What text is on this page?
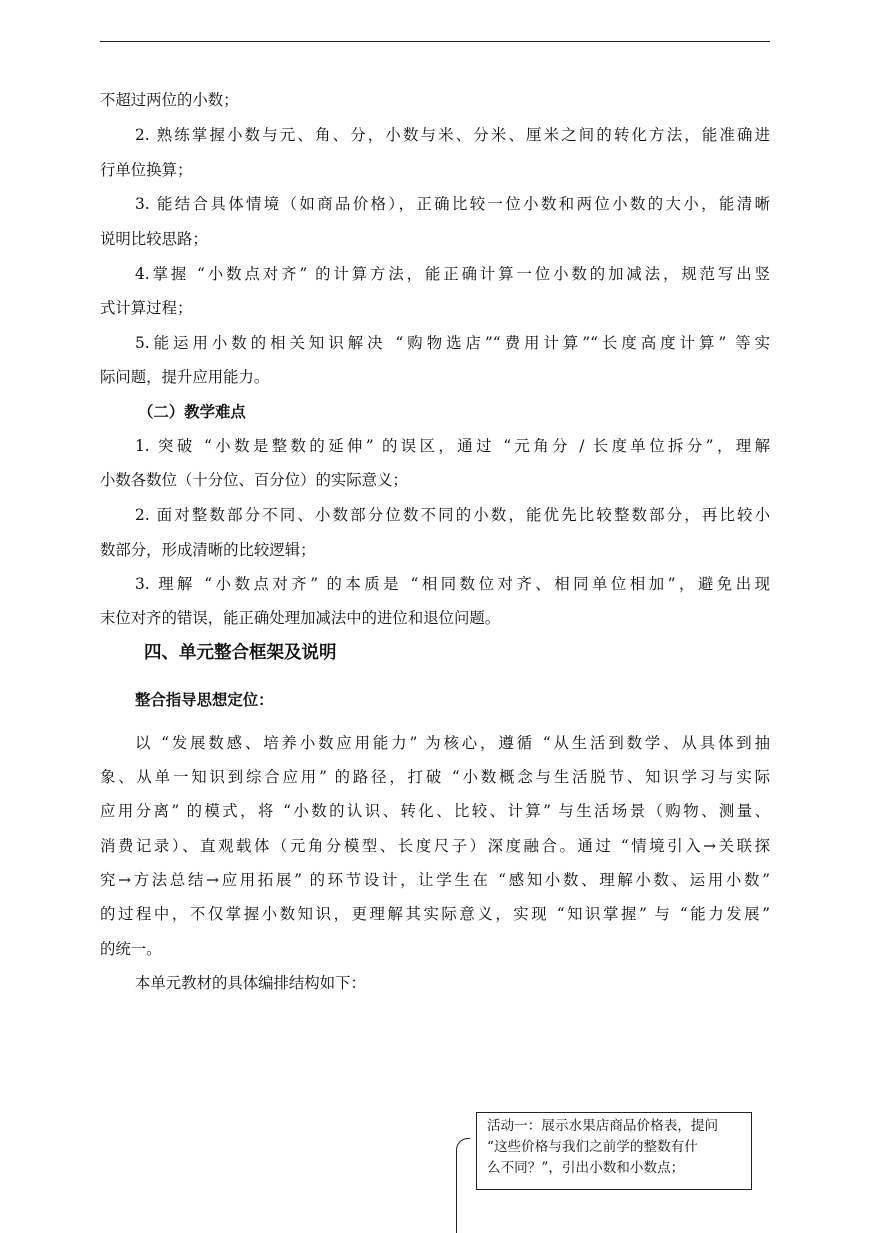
不超过两位的小数；
2. 熟练掌握小数与元、角、分，小数与米、分米、厘米之间的转化方法，能准确进
行单位换算；
3. 能结合具体情境（如商品价格），正确比较一位小数和两位小数的大小，能清晰
说明比较思路；
4.掌握 “小数点对齐” 的计算方法，能正确计算一位小数的加减法，规范写出竖
式计算过程；
5.能运用小数的相关知识解决 “购物选店”“费用计算”“长度高度计算” 等实
际问题，提升应用能力。
（二）教学难点
1. 突破 “小数是整数的延伸” 的误区，通过 “元角分 / 长度单位拆分”，理解
小数各数位（十分位、百分位）的实际意义；
2. 面对整数部分不同、小数部分位数不同的小数，能优先比较整数部分，再比较小
数部分，形成清晰的比较逻辑；
3. 理解 “小数点对齐” 的本质是 “相同数位对齐、相同单位相加”，避免出现
末位对齐的错误，能正确处理加减法中的进位和退位问题。
四、单元整合框架及说明
整合指导思想定位：
以 “发展数感、培养小数应用能力” 为核心，遵循 “从生活到数学、从具体到抽
象、从单一知识到综合应用” 的路径，打破 “小数概念与生活脱节、知识学习与实际
应用分离” 的模式，将 “小数的认识、转化、比较、计算” 与生活场景（购物、测量、
消费记录）、直观载体（元角分模型、长度尺子）深度融合。通过 “情境引入→关联探
究→方法总结→应用拓展” 的环节设计，让学生在 “感知小数、理解小数、运用小数”
的过程中，不仅掌握小数知识，更理解其实际意义，实现 “知识掌握” 与 “能力发展”
的统一。
本单元教材的具体编排结构如下：
活动一：展示水果店商品价格表，提问
“这些价格与我们之前学的整数有什
么不同？”，引出小数和小数点；
